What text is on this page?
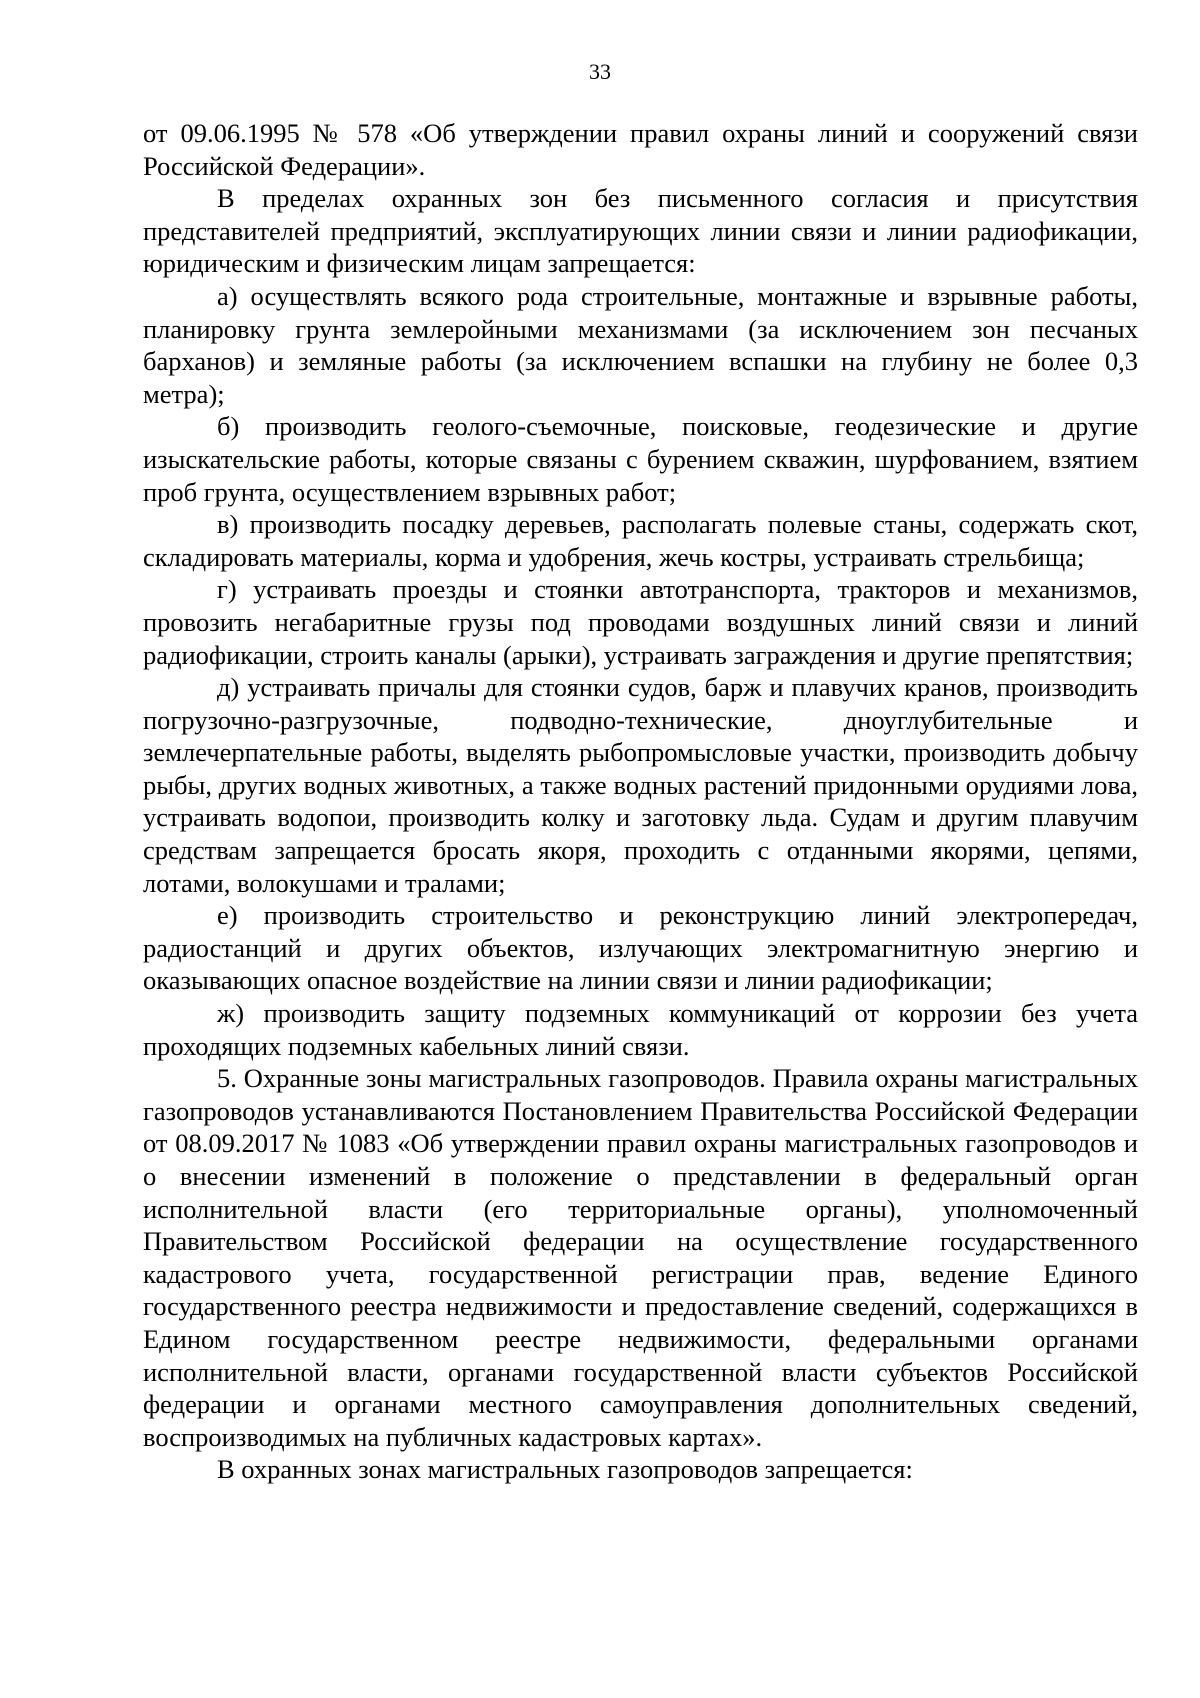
33

от 09.06.1995 № 578 «Об утверждении правил охраны линий и сооружений связи Российской Федерации».

В пределах охранных зон без письменного согласия и присутствия представителей предприятий, эксплуатирующих линии связи и линии радиофикации, юридическим и физическим лицам запрещается:

а) осуществлять всякого рода строительные, монтажные и взрывные работы, планировку грунта землеройными механизмами (за исключением зон песчаных барханов) и земляные работы (за исключением вспашки на глубину не более 0,3 метра);

б) производить геолого-съемочные, поисковые, геодезические и другие изыскательские работы, которые связаны с бурением скважин, шурфованием, взятием проб грунта, осуществлением взрывных работ;

в) производить посадку деревьев, располагать полевые станы, содержать скот, складировать материалы, корма и удобрения, жечь костры, устраивать стрельбища;

г) устраивать проезды и стоянки автотранспорта, тракторов и механизмов, провозить негабаритные грузы под проводами воздушных линий связи и линий радиофикации, строить каналы (арыки), устраивать заграждения и другие препятствия;

д) устраивать причалы для стоянки судов, барж и плавучих кранов, производить погрузочно-разгрузочные, подводно-технические, дноуглубительные и землечерпательные работы, выделять рыбопромысловые участки, производить добычу рыбы, других водных животных, а также водных растений придонными орудиями лова, устраивать водопои, производить колку и заготовку льда. Судам и другим плавучим средствам запрещается бросать якоря, проходить с отданными якорями, цепями, лотами, волокушами и тралами;

е) производить строительство и реконструкцию линий электропередач, радиостанций и других объектов, излучающих электромагнитную энергию и оказывающих опасное воздействие на линии связи и линии радиофикации;

ж) производить защиту подземных коммуникаций от коррозии без учета проходящих подземных кабельных линий связи.

5. Охранные зоны магистральных газопроводов. Правила охраны магистральных газопроводов устанавливаются Постановлением Правительства Российской Федерации от 08.09.2017 № 1083 «Об утверждении правил охраны магистральных газопроводов и о внесении изменений в положение о представлении в федеральный орган исполнительной власти (его территориальные органы), уполномоченный Правительством Российской федерации на осуществление государственного кадастрового учета, государственной регистрации прав, ведение Единого государственного реестра недвижимости и предоставление сведений, содержащихся в Едином государственном реестре недвижимости, федеральными органами исполнительной власти, органами государственной власти субъектов Российской федерации и органами местного самоуправления дополнительных сведений, воспроизводимых на публичных кадастровых картах».

В охранных зонах магистральных газопроводов запрещается:
